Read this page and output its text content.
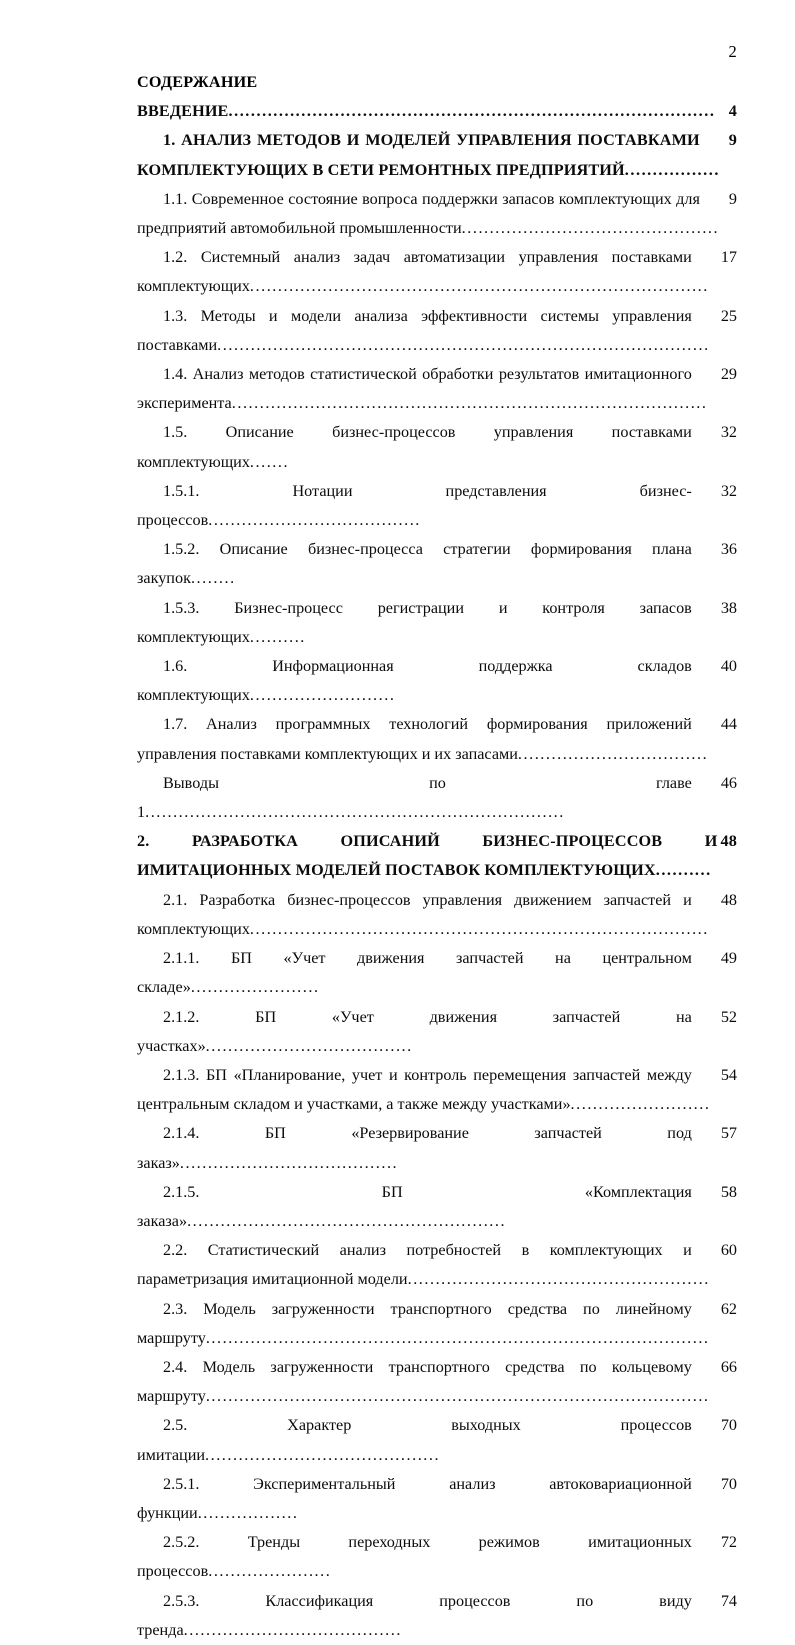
2
СОДЕРЖАНИЕ
4
ВВЕДЕНИЕ.......................................................................................
9
1. АНАЛИЗ МЕТОДОВ И МОДЕЛЕЙ УПРАВЛЕНИЯ ПОСТАВКАМИ КОМПЛЕКТУЮЩИХ В СЕТИ РЕМОНТНЫХ ПРЕДПРИЯТИЙ.................
9
1.1. Современное состояние вопроса поддержки запасов комплектующих для предприятий автомобильной промышленности..............................................
17
1.2. Системный анализ задач автоматизации управления поставками комплектующих..................................................................................
25
1.3. Методы и модели анализа эффективности системы управления поставками........................................................................................
29
1.4. Анализ методов статистической обработки результатов имитационного эксперимента.....................................................................................
32
1.5. Описание бизнес-процессов управления поставками комплектующих.......
32
1.5.1. Нотации представления бизнес-процессов......................................
36
1.5.2. Описание бизнес-процесса стратегии формирования плана закупок........
38
1.5.3. Бизнес-процесс регистрации и контроля запасов комплектующих..........
40
1.6. Информационная поддержка складов комплектующих..........................
44
1.7. Анализ программных технологий формирования приложений управления поставками комплектующих и их запасами..................................
46
Выводы по главе 1...........................................................................
48
2. РАЗРАБОТКА ОПИСАНИЙ БИЗНЕС-ПРОЦЕССОВ И ИМИТАЦИОННЫХ МОДЕЛЕЙ ПОСТАВОК КОМПЛЕКТУЮЩИХ..........
48
2.1. Разработка бизнес-процессов управления движением запчастей и комплектующих..................................................................................
49
2.1.1. БП «Учет движения запчастей на центральном складе».......................
52
2.1.2. БП «Учет движения запчастей на участках».....................................
54
2.1.3. БП «Планирование, учет и контроль перемещения запчастей между центральным складом и участками, а также между участками».........................
57
2.1.4. БП «Резервирование запчастей под заказ».......................................
58
2.1.5. БП «Комплектация заказа».........................................................
60
2.2. Статистический анализ потребностей в комплектующих и параметризация имитационной модели......................................................
62
2.3. Модель загруженности транспортного средства по линейному маршруту..........................................................................................
66
2.4. Модель загруженности транспортного средства по кольцевому маршруту..........................................................................................
70
2.5. Характер выходных процессов имитации..........................................
70
2.5.1. Экспериментальный анализ автоковариационной функции..................
72
2.5.2. Тренды переходных режимов имитационных процессов......................
74
2.5.3. Классификация процессов по виду тренда.......................................
